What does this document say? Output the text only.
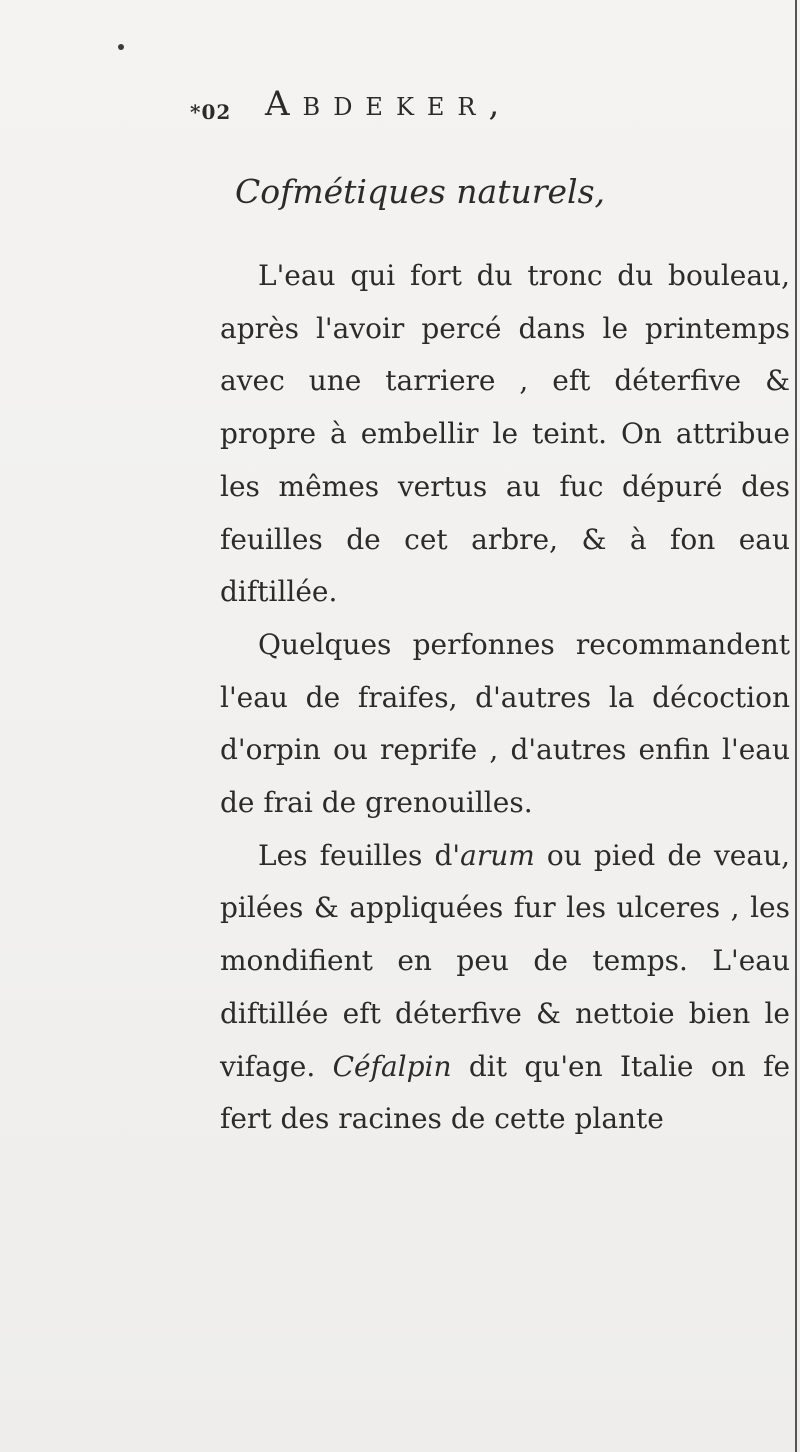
*02 Abdeker,
Cofmétiques naturels,

L'eau qui fort du tronc du bouleau, après l'avoir percé dans le printemps avec une tarriere , eft déterfive & propre à embellir le teint. On attribue les mêmes vertus au fuc dépuré des feuilles de cet arbre, & à fon eau diftillée.

Quelques perfonnes recommandent l'eau de fraifes, d'autres la décoction d'orpin ou reprife , d'autres enfin l'eau de frai de grenouilles.

Les feuilles d'arum ou pied de veau, pilées & appliquées fur les ulceres , les mondifient en peu de temps. L'eau diftillée eft déterfive & nettoie bien le vifage. Céfalpin dit qu'en Italie on fe fert des racines de cette plante
